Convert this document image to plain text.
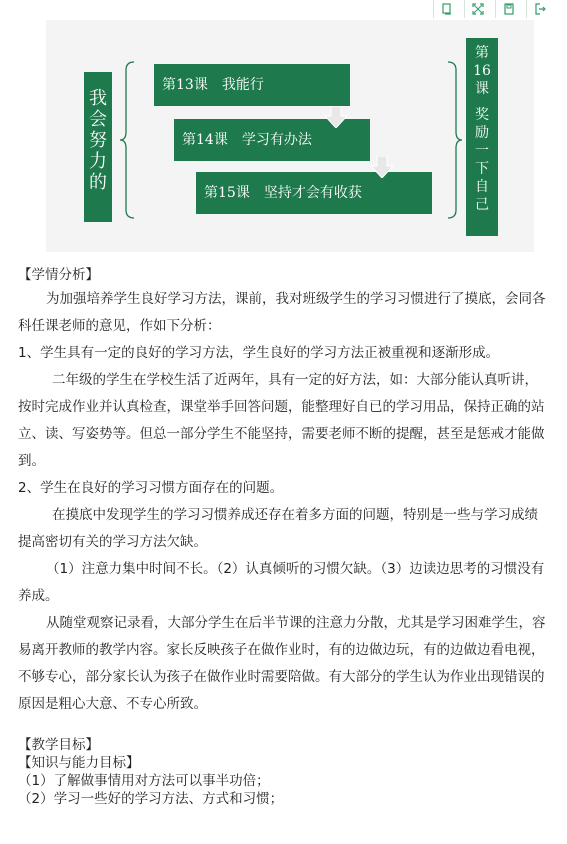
我
会
努
力
的
第13课　我能行
第14课　学习有办法
第15课　坚持才会有收获
第
16
课
奖
励
一
下
自
己

【学情分析】

为加强培养学生良好学习方法，课前，我对班级学生的学习习惯进行了摸底，会同各科任课老师的意见，作如下分析：

1、学生具有一定的良好的学习方法，学生良好的学习方法正被重视和逐渐形成。

二年级的学生在学校生活了近两年，具有一定的好方法，如：大部分能认真听讲，按时完成作业并认真检查，课堂举手回答问题，能整理好自已的学习用品，保持正确的站立、读、写姿势等。但总一部分学生不能坚持，需要老师不断的提醒，甚至是惩戒才能做到。

2、学生在良好的学习习惯方面存在的问题。

在摸底中发现学生的学习习惯养成还存在着多方面的问题，特别是一些与学习成绩提高密切有关的学习方法欠缺。

（1）注意力集中时间不长。（2）认真倾听的习惯欠缺。（3）边读边思考的习惯没有养成。

从随堂观察记录看，大部分学生在后半节课的注意力分散，尤其是学习困难学生，容易离开教师的教学内容。家长反映孩子在做作业时，有的边做边玩，有的边做边看电视，不够专心，部分家长认为孩子在做作业时需要陪做。有大部分的学生认为作业出现错误的原因是粗心大意、不专心所致。

【教学目标】

【知识与能力目标】

（1）了解做事情用对方法可以事半功倍；

（2）学习一些好的学习方法、方式和习惯；
